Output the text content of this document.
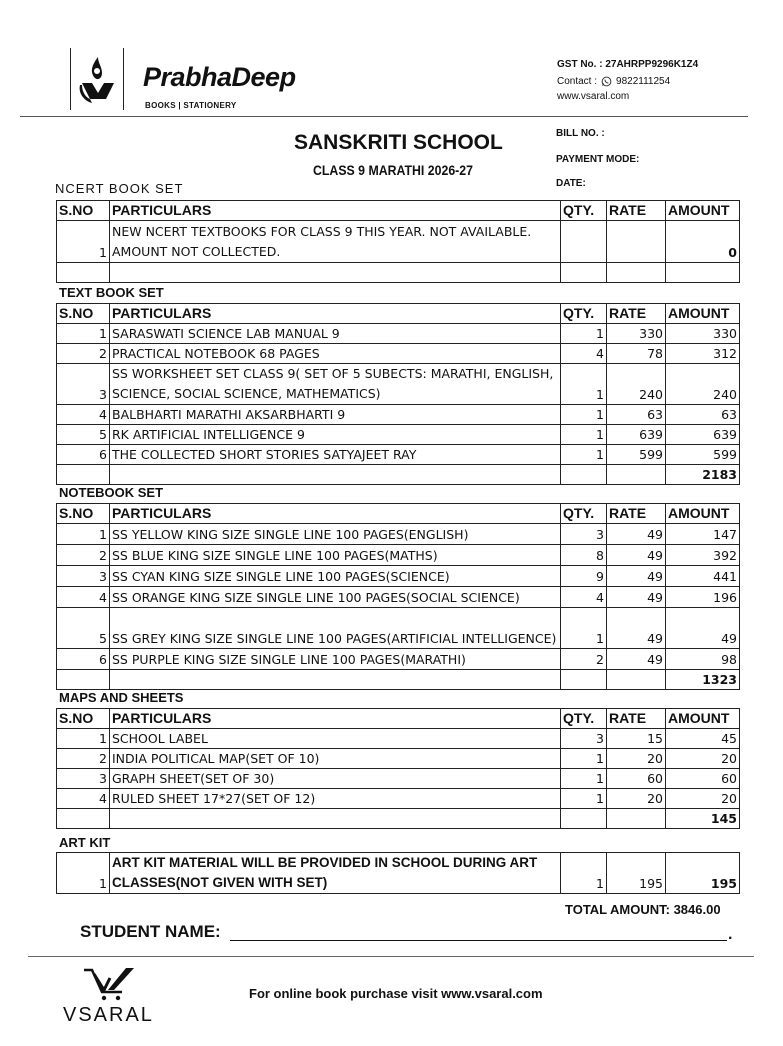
PrabhaDeep
BOOKS | STATIONERY
GST No. : 27AHRPP9296K1Z4
Contact : 9822111254
www.vsaral.com
SANSKRITI SCHOOL
CLASS 9 MARATHI 2026-27
BILL NO. :
PAYMENT MODE:
DATE:
NCERT BOOK SET
S.NO	PARTICULARS	QTY.	RATE	AMOUNT
1	NEW NCERT TEXTBOOKS FOR CLASS 9 THIS YEAR. NOT AVAILABLE. AMOUNT NOT COLLECTED.			0

TEXT BOOK SET
S.NO	PARTICULARS	QTY.	RATE	AMOUNT
1	SARASWATI SCIENCE LAB MANUAL 9	1	330	330
2	PRACTICAL NOTEBOOK 68 PAGES	4	78	312
3	SS WORKSHEET SET CLASS 9( SET OF 5 SUBECTS: MARATHI, ENGLISH, SCIENCE, SOCIAL SCIENCE, MATHEMATICS)	1	240	240
4	BALBHARTI MARATHI AKSARBHARTI 9	1	63	63
5	RK ARTIFICIAL INTELLIGENCE 9	1	639	639
6	THE COLLECTED SHORT STORIES SATYAJEET RAY	1	599	599
				2183
NOTEBOOK SET
S.NO	PARTICULARS	QTY.	RATE	AMOUNT
1	SS YELLOW KING SIZE SINGLE LINE 100 PAGES(ENGLISH)	3	49	147
2	SS BLUE KING SIZE SINGLE LINE 100 PAGES(MATHS)	8	49	392
3	SS CYAN KING SIZE SINGLE LINE 100 PAGES(SCIENCE)	9	49	441
4	SS ORANGE KING SIZE SINGLE LINE 100 PAGES(SOCIAL SCIENCE)	4	49	196
5	SS GREY KING SIZE SINGLE LINE 100 PAGES(ARTIFICIAL INTELLIGENCE)	1	49	49
6	SS PURPLE KING SIZE SINGLE LINE 100 PAGES(MARATHI)	2	49	98
				1323
MAPS AND SHEETS
S.NO	PARTICULARS	QTY.	RATE	AMOUNT
1	SCHOOL LABEL	3	15	45
2	INDIA POLITICAL MAP(SET OF 10)	1	20	20
3	GRAPH SHEET(SET OF 30)	1	60	60
4	RULED SHEET 17*27(SET OF 12)	1	20	20
				145
ART KIT
1	ART KIT MATERIAL WILL BE PROVIDED IN SCHOOL DURING ART CLASSES(NOT GIVEN WITH SET)	1	195	195
TOTAL AMOUNT: 3846.00
STUDENT NAME:	.
VSARAL
For online book purchase visit www.vsaral.com
